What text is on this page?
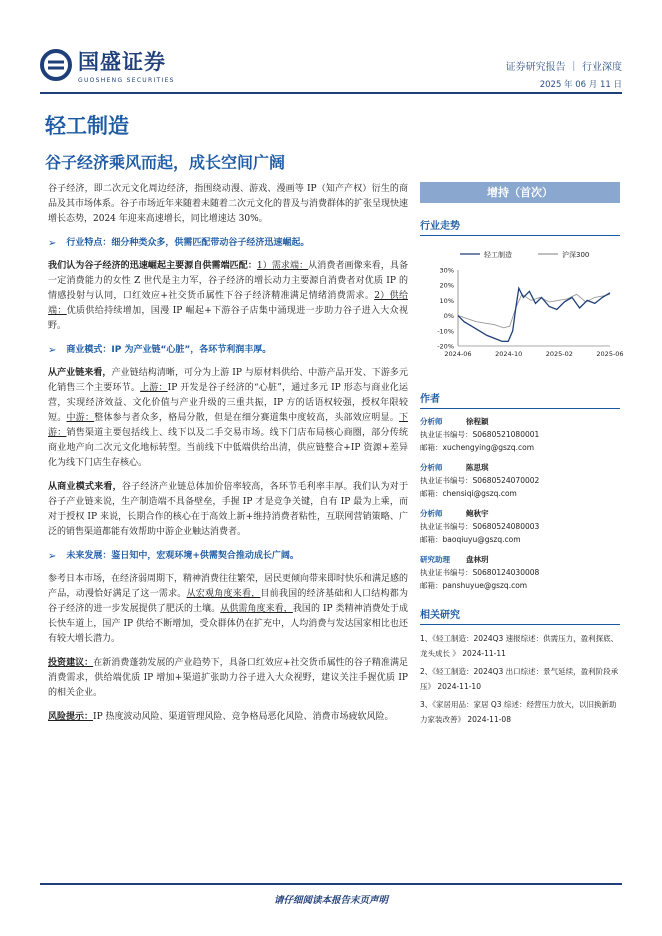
国盛证券
GUOSHENG SECURITIES
证券研究报告 ｜ 行业深度
2025 年 06 月 11 日
轻工制造
谷子经济乘风而起，成长空间广阔

谷子经济，即二次元文化周边经济，指围绕动漫、游戏、漫画等 IP（知产产权）衍生的商品及其市场体系。谷子市场近年来随着未随着二次元文化的普及与消费群体的扩张呈现快速增长态势，2024 年迎来高速增长，同比增速达 30%。

➢ 行业特点：细分种类众多，供需匹配带动谷子经济迅速崛起。

我们认为谷子经济的迅速崛起主要源自供需端匹配：1）需求端：从消费者画像来看，具备一定消费能力的女性 Z 世代是主力军，谷子经济的增长动力主要源自消费者对优质 IP 的情感投射与认同，口红效应+社交货币属性下谷子经济精准满足情绪消费需求。2）供给端：优质供给持续增加，国漫 IP 崛起+下游谷子店集中涌现进一步助力谷子进入大众视野。

➢ 商业模式：IP 为产业链“心脏”，各环节利润丰厚。

从产业链来看，产业链结构清晰，可分为上游 IP 与原材料供给、中游产品开发、下游多元化销售三个主要环节。上游：IP 开发是谷子经济的“心脏”，通过多元 IP 形态与商业化运营，实现经济效益、文化价值与产业升级的三重共振，IP 方的话语权较强，授权年限较短。中游：整体参与者众多，格局分散，但是在细分赛道集中度较高，头部效应明显。下游：销售渠道主要包括线上、线下以及二手交易市场。线下门店布局核心商圈，部分传统商业地产向二次元文化地标转型。当前线下中低端供给出清，供应链整合+IP 资源+差异化为线下门店生存核心。

从商业模式来看，谷子经济产业链总体加价倍率较高，各环节毛利率丰厚。我们认为对于谷子产业链来说，生产制造端不具备壁垒，手握 IP 才是竞争关键，自有 IP 最为上乘，而对于授权 IP 来说，长期合作的核心在于高效上新+维持消费者粘性，互联网营销策略、广泛的销售渠道都能有效帮助中游企业触达消费者。

➢ 未来发展：鉴日知中，宏观环境+供需契合推动成长广阔。

参考日本市场，在经济弱周期下，精神消费往往繁荣，居民更倾向带来即时快乐和满足感的产品，动漫恰好满足了这一需求。从宏观角度来看，目前我国的经济基础和人口结构都为谷子经济的进一步发展提供了肥沃的土壤。从供需角度来看，我国的 IP 类精神消费处于成长快车道上，国产 IP 供给不断增加，受众群体仍在扩充中，人均消费与发达国家相比也还有较大增长潜力。

投资建议：在新消费蓬勃发展的产业趋势下，具备口红效应+社交货币属性的谷子精准满足消费需求，供给端优质 IP 增加+渠道扩张助力谷子进入大众视野，建议关注手握优质 IP 的相关企业。

风险提示：IP 热度波动风险、渠道管理风险、竞争格局恶化风险、消费市场疲软风险。

增持（首次）
行业走势
轻工制造	沪深300
30%
20%
10%
0%
-10%
-20%
2024-06	2024-10	2025-02	2025-06
作者
分析师	徐程颖
执业证书编号：S0680521080001
邮箱：xuchengying@gszq.com
分析师	陈思琪
执业证书编号：S0680524070002
邮箱：chensiqi@gszq.com
分析师	鲍秋宇
执业证书编号：S0680524080003
邮箱：baoqiuyu@gszq.com
研究助理 盘林玥
执业证书编号：S0680124030008
邮箱：panshuyue@gszq.com
相关研究
1、《轻工制造：2024Q3 速报综述：供需压力，盈利探底、龙头成长 》 2024-11-11
2、《轻工制造：2024Q3 出口综述：景气延续，盈利阶段承压》 2024-11-10
3、《家居用品：家居 Q3 综述：经营压力放大，以旧换新助力家装改善》 2024-11-08
请仔细阅读本报告末页声明
